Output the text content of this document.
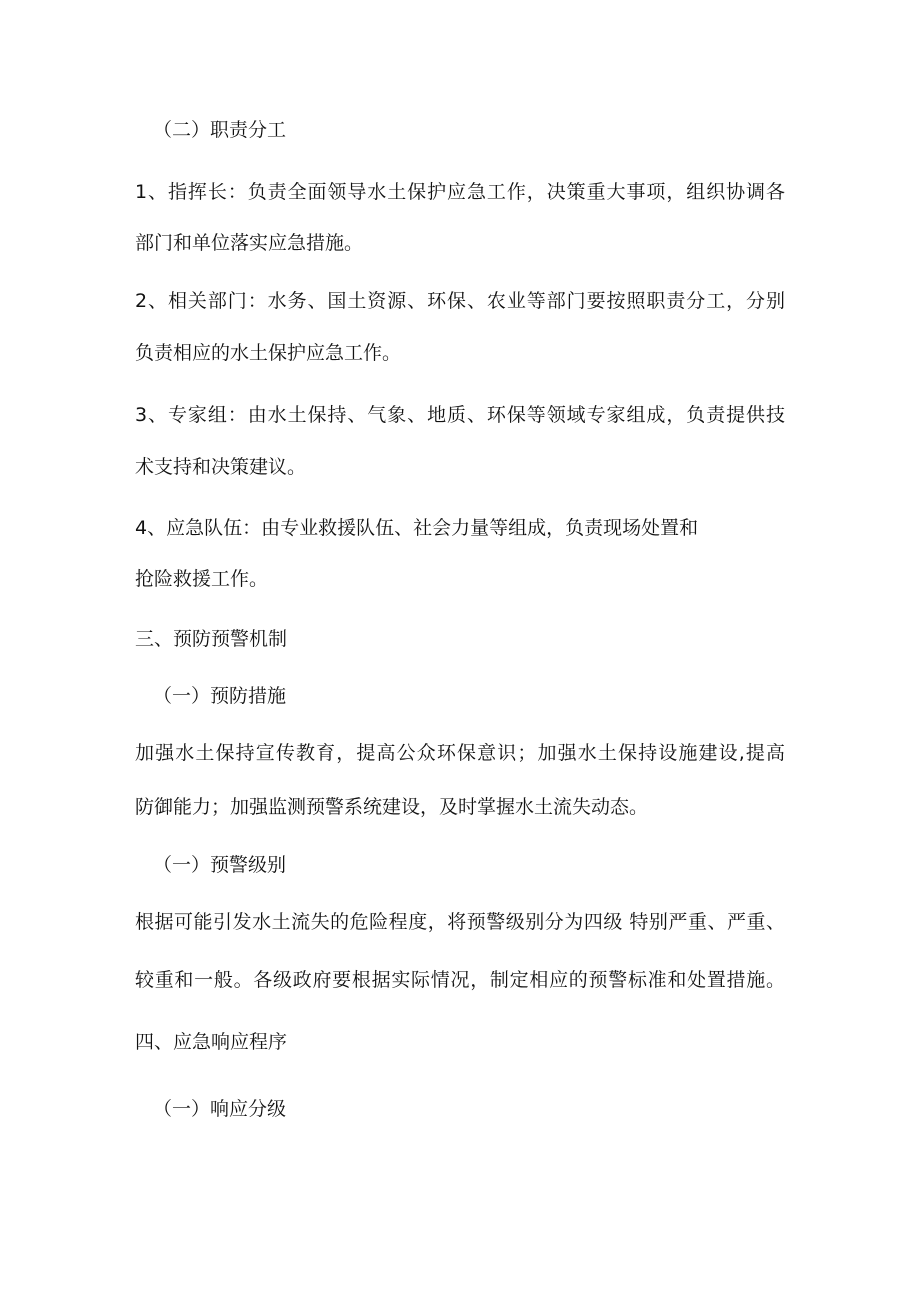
（二）职责分工

1、指挥长：负责全面领导水土保护应急工作，决策重大事项，组织协调各

部门和单位落实应急措施。

2、相关部门：水务、国土资源、环保、农业等部门要按照职责分工，分别

负责相应的水土保护应急工作。

3、专家组：由水土保持、气象、地质、环保等领域专家组成，负责提供技

术支持和决策建议。

4、应急队伍：由专业救援队伍、社会力量等组成，负责现场处置和

抢险救援工作。

三、预防预警机制

（一）预防措施

加强水土保持宣传教育，提高公众环保意识；加强水土保持设施建设,提高

防御能力；加强监测预警系统建设，及时掌握水土流失动态。

（一）预警级别

根据可能引发水土流失的危险程度，将预警级别分为四级 特别严重、严重、

较重和一般。各级政府要根据实际情况，制定相应的预警标准和处置措施。

四、应急响应程序

（一）响应分级
